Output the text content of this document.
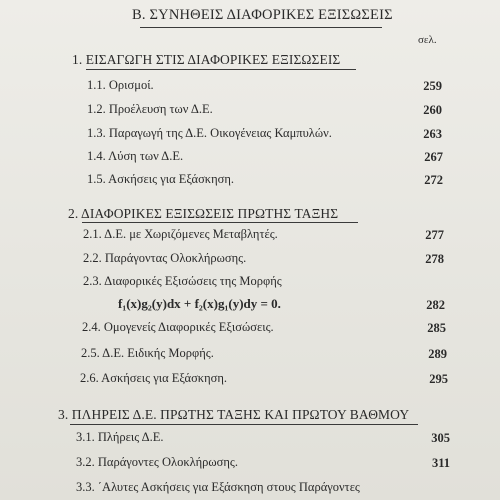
Β. ΣΥΝΗΘΕΙΣ ΔΙΑΦΟΡΙΚΕΣ ΕΞΙΣΩΣΕΙΣ
σελ.
1. ΕΙΣΑΓΩΓΗ ΣΤΙΣ ΔΙΑΦΟΡΙΚΕΣ ΕΞΙΣΩΣΕΙΣ
1.1. Ορισμοί.	259
1.2. Προέλευση των Δ.Ε.	260
1.3. Παραγωγή της Δ.Ε. Οικογένειας Καμπυλών.	263
1.4. Λύση των Δ.Ε.	267
1.5. Ασκήσεις για Εξάσκηση.	272
2. ΔΙΑΦΟΡΙΚΕΣ ΕΞΙΣΩΣΕΙΣ ΠΡΩΤΗΣ ΤΑΞΗΣ
2.1. Δ.Ε. με Χωριζόμενες Μεταβλητές.	277
2.2. Παράγοντας Ολοκλήρωσης.	278
2.3. Διαφορικές Εξισώσεις της Μορφής
f₁(x)g₂(y)dx + f₂(x)g₁(y)dy = 0.	282
2.4. Ομογενείς Διαφορικές Εξισώσεις.	285
2.5. Δ.Ε. Ειδικής Μορφής.	289
2.6. Ασκήσεις για Εξάσκηση.	295
3. ΠΛΗΡΕΙΣ Δ.Ε. ΠΡΩΤΗΣ ΤΑΞΗΣ ΚΑΙ ΠΡΩΤΟΥ ΒΑΘΜΟΥ
3.1. Πλήρεις Δ.Ε.	305
3.2. Παράγοντες Ολοκλήρωσης.	311
3.3. ΄Αλυτες Ασκήσεις για Εξάσκηση στους Παράγοντες
